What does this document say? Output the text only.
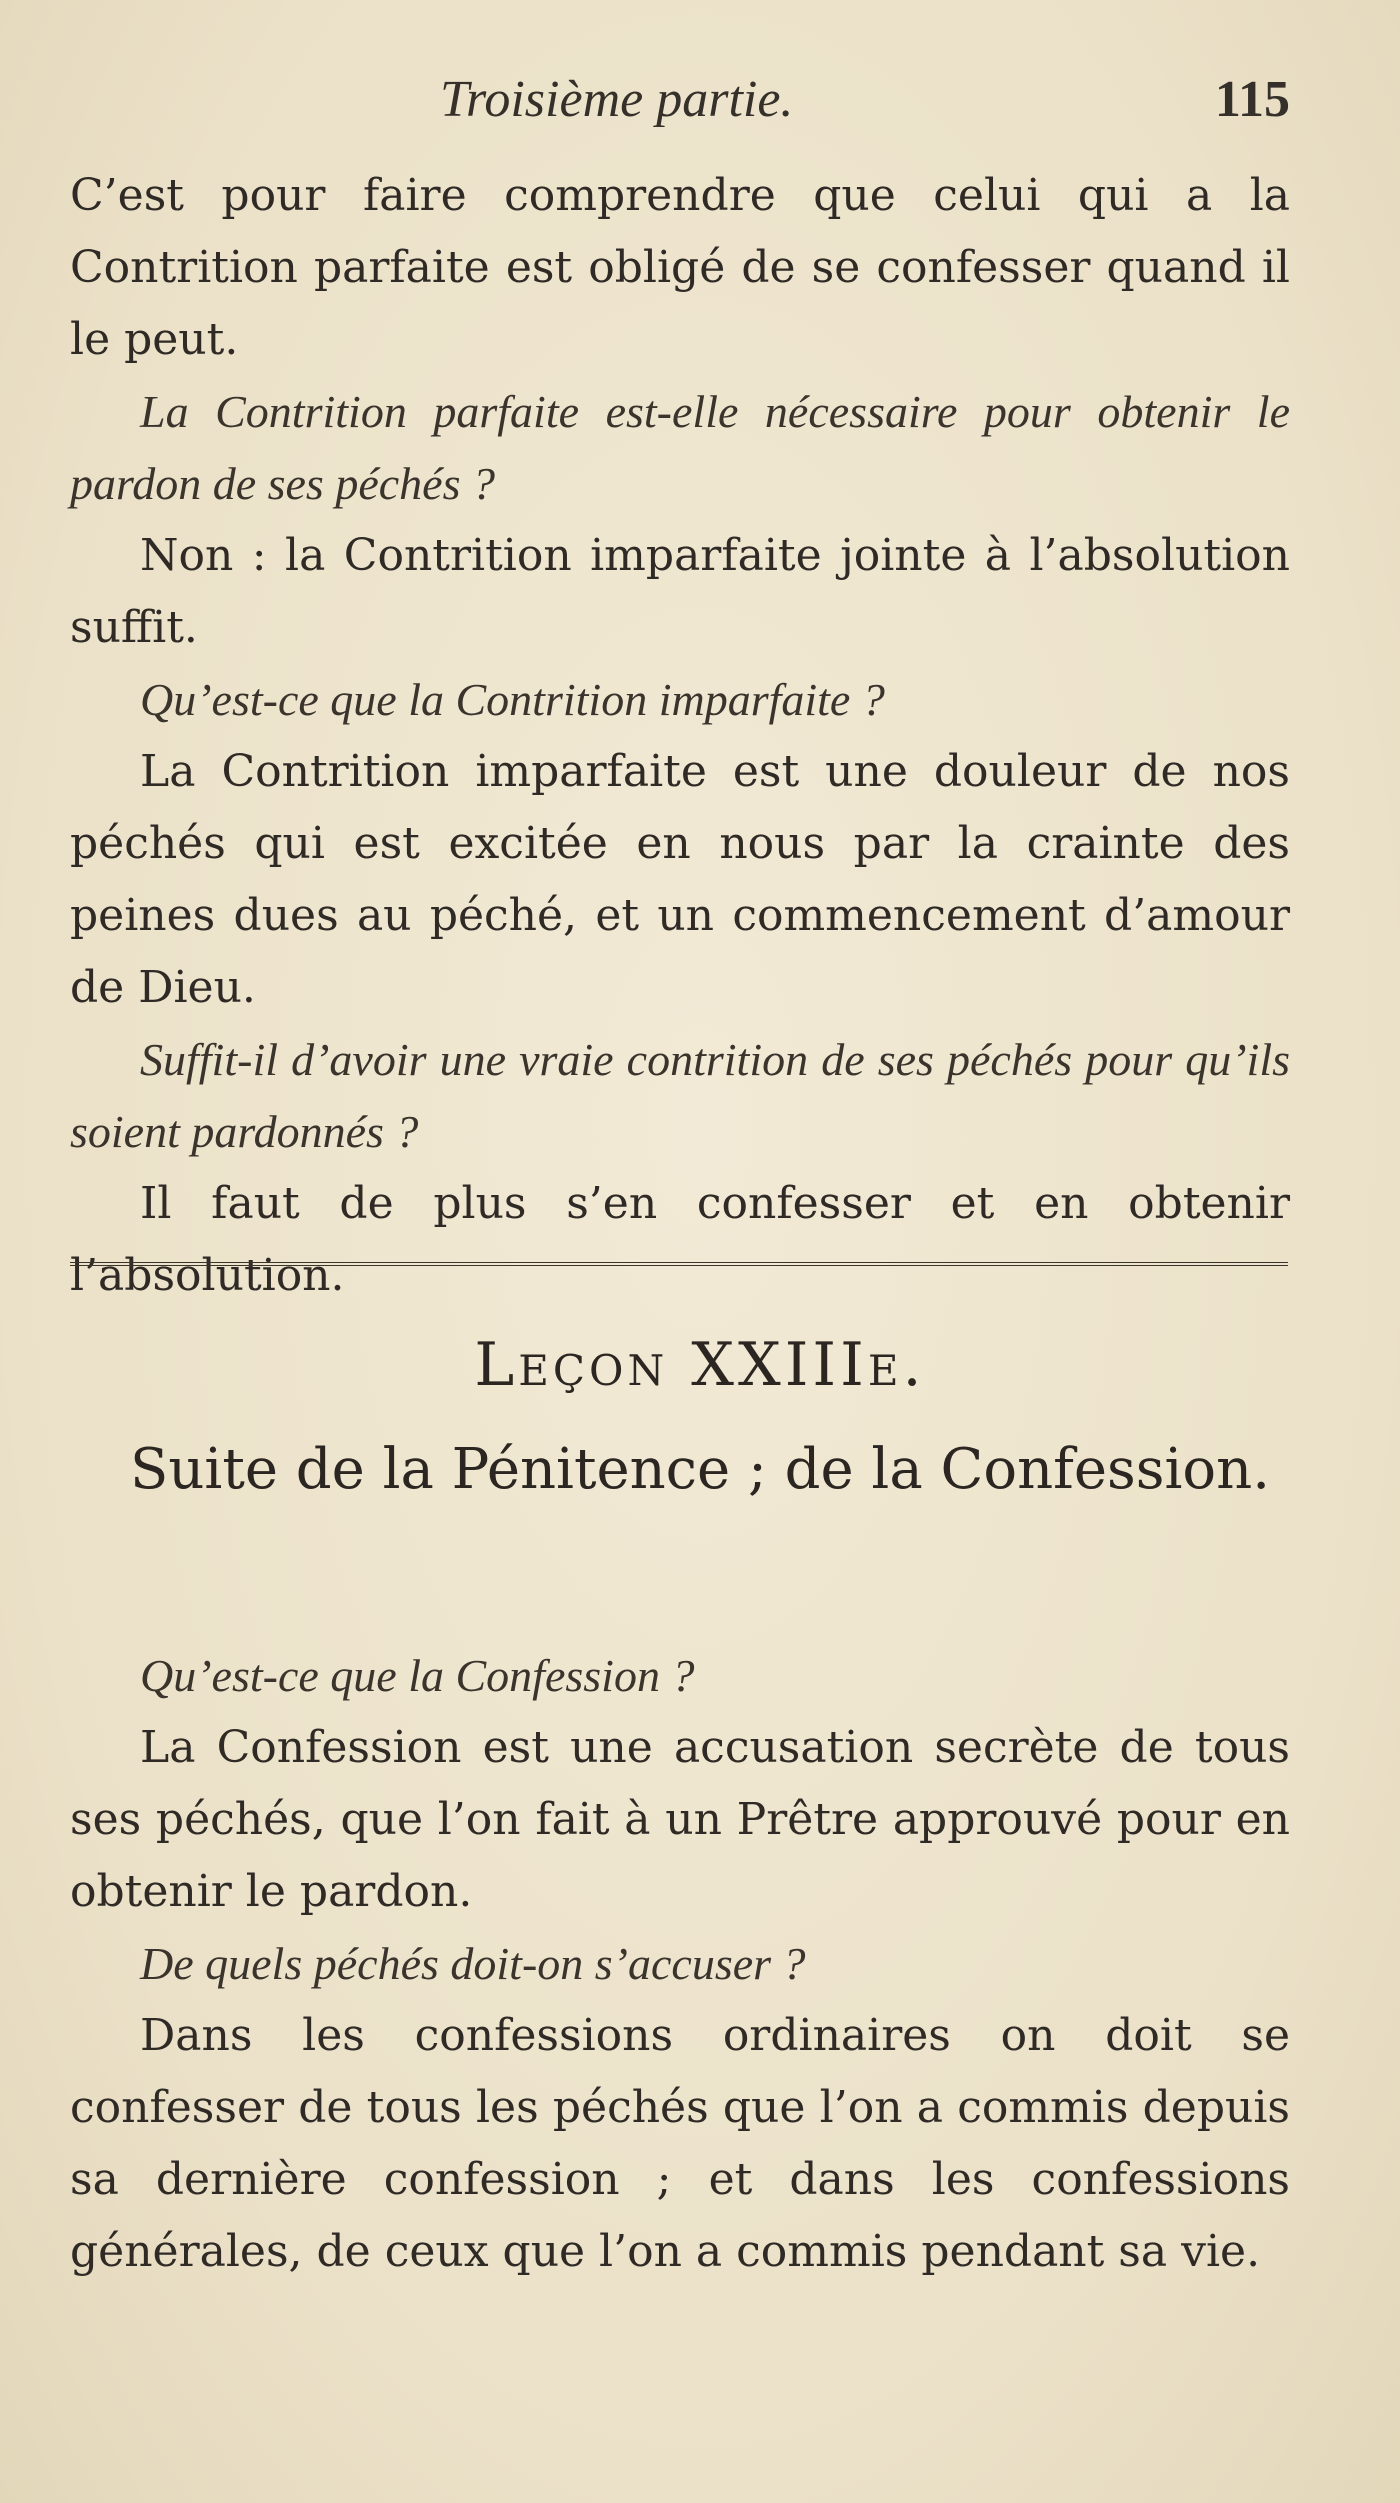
Troisième partie.	115

C’est pour faire comprendre que celui qui a la Contrition parfaite est obligé de se confesser quand il le peut.

La Contrition parfaite est-elle nécessaire pour obtenir le pardon de ses péchés ?

Non : la Contrition imparfaite jointe à l’absolution suffit.

Qu’est-ce que la Contrition imparfaite ?

La Contrition imparfaite est une douleur de nos péchés qui est excitée en nous par la crainte des peines dues au péché, et un commencement d’amour de Dieu.

Suffit-il d’avoir une vraie contrition de ses péchés pour qu’ils soient pardonnés ?

Il faut de plus s’en confesser et en obtenir l’absolution.

Leçon XXIIIe.
Suite de la Pénitence ; de la Confession.

Qu’est-ce que la Confession ?

La Confession est une accusation secrète de tous ses péchés, que l’on fait à un Prêtre approuvé pour en obtenir le pardon.

De quels péchés doit-on s’accuser ?

Dans les confessions ordinaires on doit se confesser de tous les péchés que l’on a commis depuis sa dernière confession ; et dans les confessions générales, de ceux que l’on a commis pendant sa vie.
